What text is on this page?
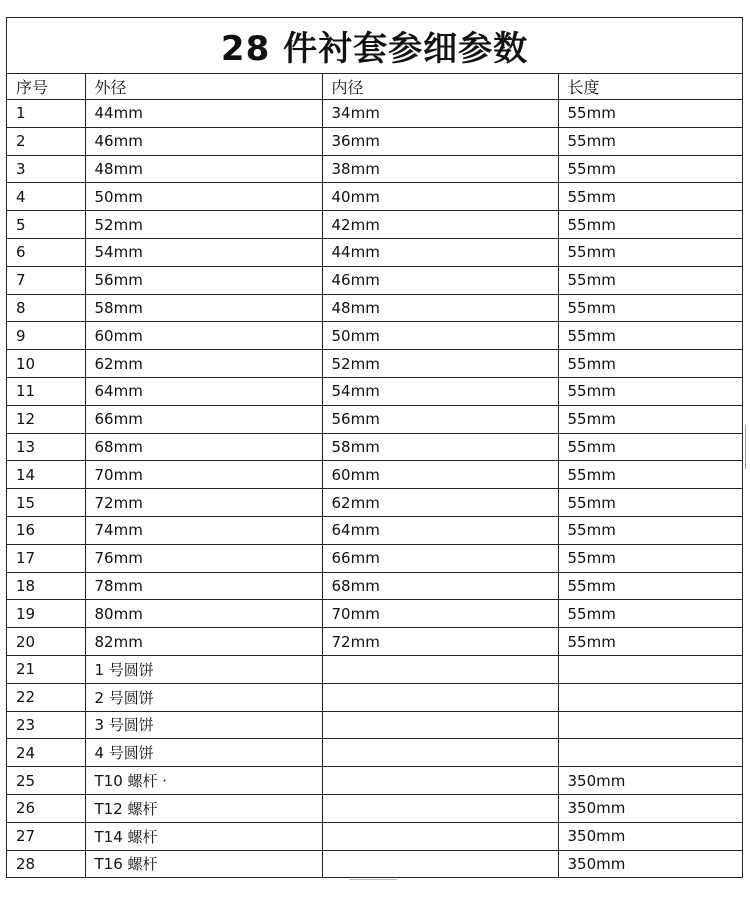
28 件衬套参细参数
序号	外径	内径	长度
1	44mm	34mm	55mm
2	46mm	36mm	55mm
3	48mm	38mm	55mm
4	50mm	40mm	55mm
5	52mm	42mm	55mm
6	54mm	44mm	55mm
7	56mm	46mm	55mm
8	58mm	48mm	55mm
9	60mm	50mm	55mm
10	62mm	52mm	55mm
11	64mm	54mm	55mm
12	66mm	56mm	55mm
13	68mm	58mm	55mm
14	70mm	60mm	55mm
15	72mm	62mm	55mm
16	74mm	64mm	55mm
17	76mm	66mm	55mm
18	78mm	68mm	55mm
19	80mm	70mm	55mm
20	82mm	72mm	55mm
21	1 号圆饼		
22	2 号圆饼		
23	3 号圆饼		
24	4 号圆饼		
25	T10 螺杆 ·		350mm
26	T12 螺杆		350mm
27	T14 螺杆		350mm
28	T16 螺杆		350mm
